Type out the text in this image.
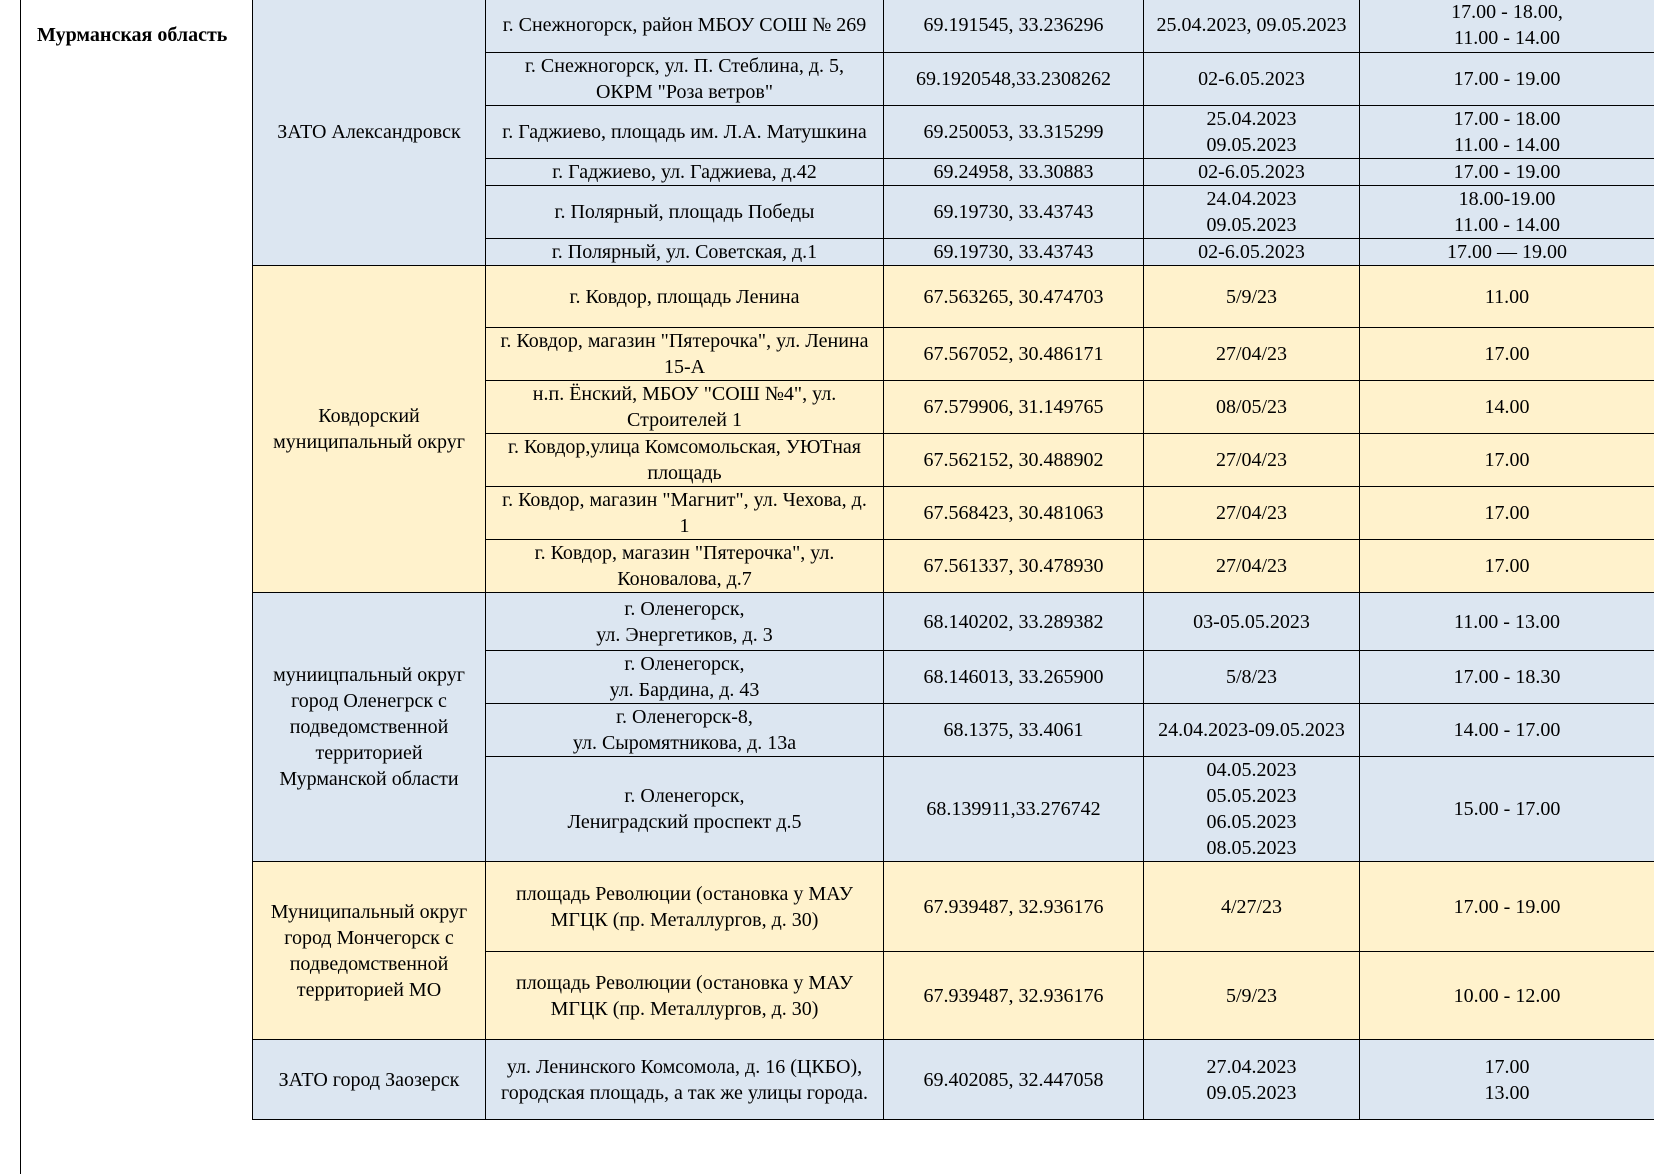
Мурманская область
ЗАТО Александровск	г. Снежногорск, район МБОУ СОШ № 269	69.191545, 33.236296	25.04.2023, 09.05.2023	17.00 - 18.00,
11.00 - 14.00

	г. Снежногорск, ул. П. Стеблина, д. 5,
ОКРМ "Роза ветров"	69.1920548,33.2308262	02-6.05.2023	17.00 - 19.00

	г. Гаджиево, площадь им. Л.А. Матушкина	69.250053, 33.315299	25.04.2023
09.05.2023	17.00 - 18.00
11.00 - 14.00

	г. Гаджиево, ул. Гаджиева, д.42	69.24958, 33.30883	02-6.05.2023	17.00 - 19.00

	г. Полярный, площадь Победы	69.19730, 33.43743	24.04.2023
09.05.2023	18.00-19.00
11.00 - 14.00

	г. Полярный, ул. Советская, д.1	69.19730, 33.43743	02-6.05.2023	17.00 — 19.00

Ковдорский
муниципальный округ	г. Ковдор, площадь Ленина	67.563265, 30.474703	5/9/23	11.00

	г. Ковдор, магазин "Пятерочка", ул. Ленина
15-А	67.567052, 30.486171	27/04/23	17.00

	н.п. Ёнский, МБОУ "СОШ №4", ул.
Строителей 1	67.579906, 31.149765	08/05/23	14.00

	г. Ковдор,улица Комсомольская, УЮТная
площадь	67.562152, 30.488902	27/04/23	17.00

	г. Ковдор, магазин "Магнит", ул. Чехова, д.
1	67.568423, 30.481063	27/04/23	17.00

	г. Ковдор, магазин "Пятерочка", ул.
Коновалова, д.7	67.561337, 30.478930	27/04/23	17.00

муниицпальный округ
город Оленегрск с
подведомственной
территорией
Мурманской области	г. Оленегорск,
ул. Энергетиков, д. 3	68.140202, 33.289382	03-05.05.2023	11.00 - 13.00

	г. Оленегорск,
ул. Бардина, д. 43	68.146013, 33.265900	5/8/23	17.00 - 18.30

	г. Оленегорск-8,
ул. Сыромятникова, д. 13а	68.1375, 33.4061	24.04.2023-09.05.2023	14.00 - 17.00

	г. Оленегорск,
Лениградский проспект д.5	68.139911,33.276742	04.05.2023
05.05.2023
06.05.2023
08.05.2023	15.00 - 17.00

Муниципальный округ
город Мончегорск с
подведомственной
территорией МО	площадь Революции (остановка у МАУ
МГЦК (пр. Металлургов, д. 30)	67.939487, 32.936176	4/27/23	17.00 - 19.00

	площадь Революции (остановка у МАУ
МГЦК (пр. Металлургов, д. 30)	67.939487, 32.936176	5/9/23	10.00 - 12.00

ЗАТО город Заозерск	ул. Ленинского Комсомола, д. 16 (ЦКБО),
городская площадь, а так же улицы города.	69.402085, 32.447058	27.04.2023
09.05.2023	17.00
13.00
